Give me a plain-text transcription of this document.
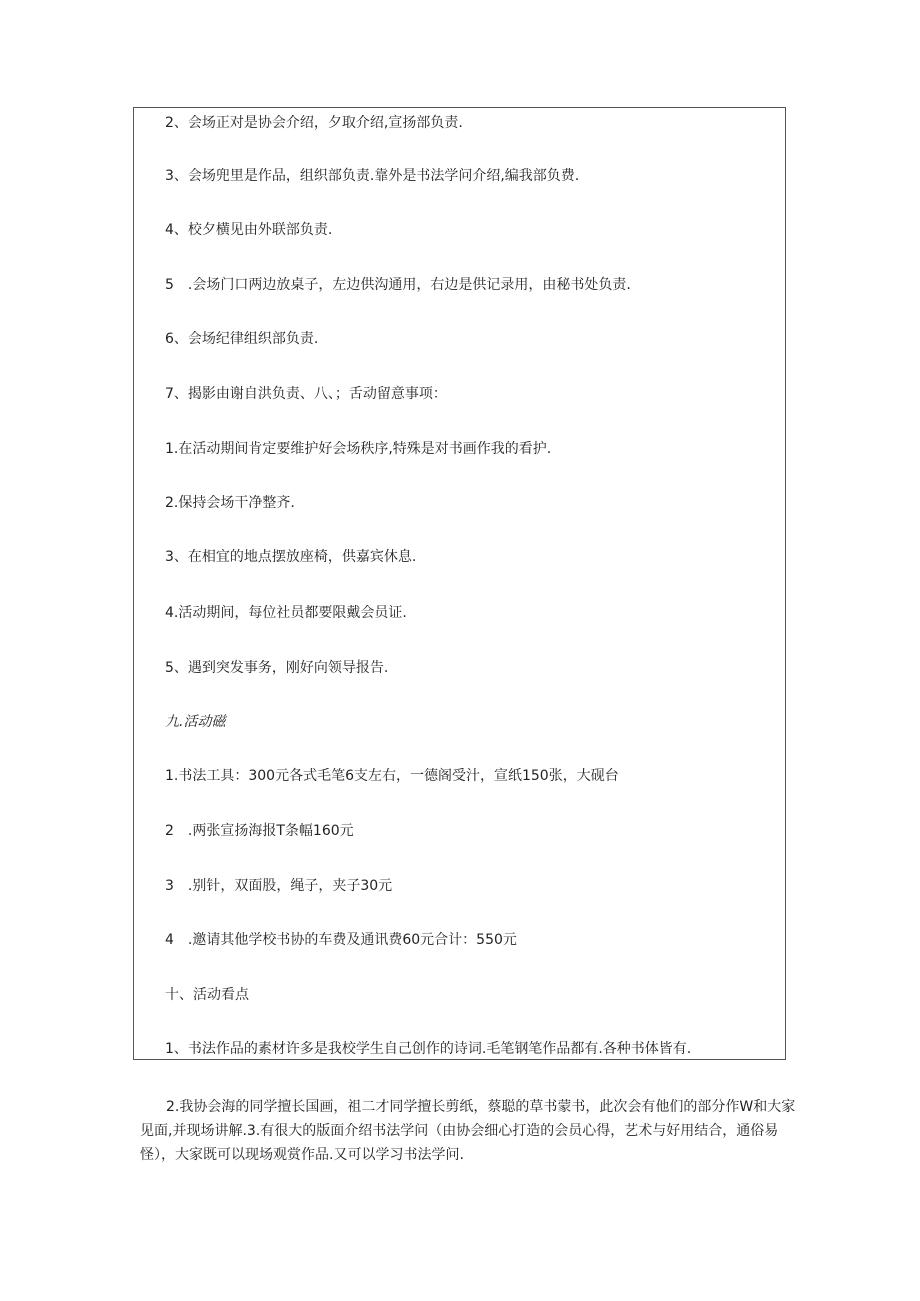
2、会场正对是协会介绍，夕取介绍,宣扬部负责.
3、会场兜里是作品，组织部负责.靠外是书法学问介绍,编我部负费.
4、校夕横见由外联部负责.
5　.会场门口两边放桌子，左边供沟通用，右边是供记录用，由秘书处负责.
6、会场纪律组织部负责.
7、揭影由谢自洪负责、八、；舌动留意事项：
1.在活动期间肯定要维护好会场秩序,特殊是对书画作我的看护.
2.保持会场干净整齐.
3、在相宜的地点摆放座椅，供嘉宾休息.
4.活动期间，每位社员都要限戴会员证.
5、遇到突发事务，刚好向领导报告.
九.活动磁
1.书法工具：300元各式毛笔6支左右，一德阁受汁，宣纸150张，大砚台
2　.两张宣扬海报T条幅160元
3　.别针，双面股，绳子，夹子30元
4　.邀请其他学校书协的车费及通讯费60元合计：550元
十、活动看点
1、书法作品的素材许多是我校学生自己创作的诗词.毛笔钢笔作品都有.各种书体皆有.
2.我协会海的同学擅长国画，祖二才同学擅长剪纸，蔡聪的草书蒙书，此次会有他们的部分作W和大家见面,并现场讲解.3.有很大的版面介绍书法学问（由协会细心打造的会员心得，艺术与好用结合，通俗易怪），大家既可以现场观赏作品.又可以学习书法学问.
